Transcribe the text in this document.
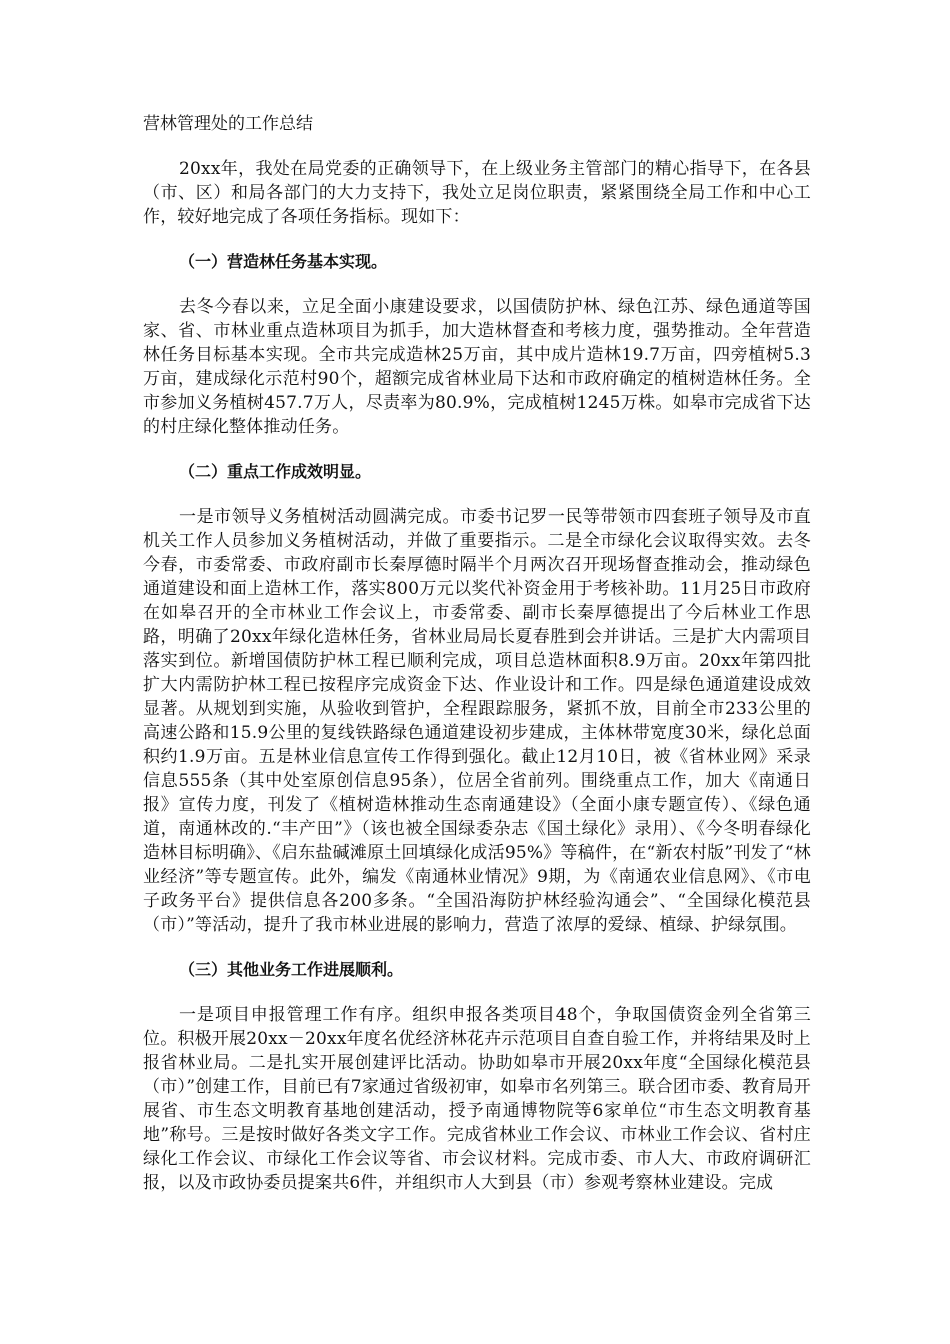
营林管理处的工作总结

20xx年，我处在局党委的正确领导下，在上级业务主管部门的精心指导下，在各县（市、区）和局各部门的大力支持下，我处立足岗位职责，紧紧围绕全局工作和中心工作，较好地完成了各项任务指标。现如下：

（一）营造林任务基本实现。

去冬今春以来，立足全面小康建设要求，以国债防护林、绿色江苏、绿色通道等国家、省、市林业重点造林项目为抓手，加大造林督查和考核力度，强势推动。全年营造林任务目标基本实现。全市共完成造林25万亩，其中成片造林19.7万亩，四旁植树5.3万亩，建成绿化示范村90个，超额完成省林业局下达和市政府确定的植树造林任务。全市参加义务植树457.7万人，尽责率为80.9%，完成植树1245万株。如皋市完成省下达的村庄绿化整体推动任务。

（二）重点工作成效明显。

一是市领导义务植树活动圆满完成。市委书记罗一民等带领市四套班子领导及市直机关工作人员参加义务植树活动，并做了重要指示。二是全市绿化会议取得实效。去冬今春，市委常委、市政府副市长秦厚德时隔半个月两次召开现场督查推动会，推动绿色通道建设和面上造林工作，落实800万元以奖代补资金用于考核补助。11月25日市政府在如皋召开的全市林业工作会议上，市委常委、副市长秦厚德提出了今后林业工作思路，明确了20xx年绿化造林任务，省林业局局长夏春胜到会并讲话。三是扩大内需项目落实到位。新增国债防护林工程已顺利完成，项目总造林面积8.9万亩。20xx年第四批扩大内需防护林工程已按程序完成资金下达、作业设计和工作。四是绿色通道建设成效显著。从规划到实施，从验收到管护，全程跟踪服务，紧抓不放，目前全市233公里的高速公路和15.9公里的复线铁路绿色通道建设初步建成，主体林带宽度30米，绿化总面积约1.9万亩。五是林业信息宣传工作得到强化。截止12月10日，被《省林业网》采录信息555条（其中处室原创信息95条），位居全省前列。围绕重点工作，加大《南通日报》宣传力度，刊发了《植树造林推动生态南通建设》（全面小康专题宣传）、《绿色通道，南通林改的.“丰产田”》（该也被全国绿委杂志《国土绿化》录用）、《今冬明春绿化造林目标明确》、《启东盐碱滩原土回填绿化成活95%》等稿件，在“新农村版”刊发了“林业经济”等专题宣传。此外，编发《南通林业情况》9期，为《南通农业信息网》、《市电子政务平台》提供信息各200多条。“全国沿海防护林经验沟通会”、“全国绿化模范县（市）”等活动，提升了我市林业进展的影响力，营造了浓厚的爱绿、植绿、护绿氛围。

（三）其他业务工作进展顺利。

一是项目申报管理工作有序。组织申报各类项目48个，争取国债资金列全省第三位。积极开展20xx－20xx年度名优经济林花卉示范项目自查自验工作，并将结果及时上报省林业局。二是扎实开展创建评比活动。协助如皋市开展20xx年度“全国绿化模范县（市）”创建工作，目前已有7家通过省级初审，如皋市名列第三。联合团市委、教育局开展省、市生态文明教育基地创建活动，授予南通博物院等6家单位“市生态文明教育基地”称号。三是按时做好各类文字工作。完成省林业工作会议、市林业工作会议、省村庄绿化工作会议、市绿化工作会议等省、市会议材料。完成市委、市人大、市政府调研汇报，以及市政协委员提案共6件，并组织市人大到县（市）参观考察林业建设。完成
